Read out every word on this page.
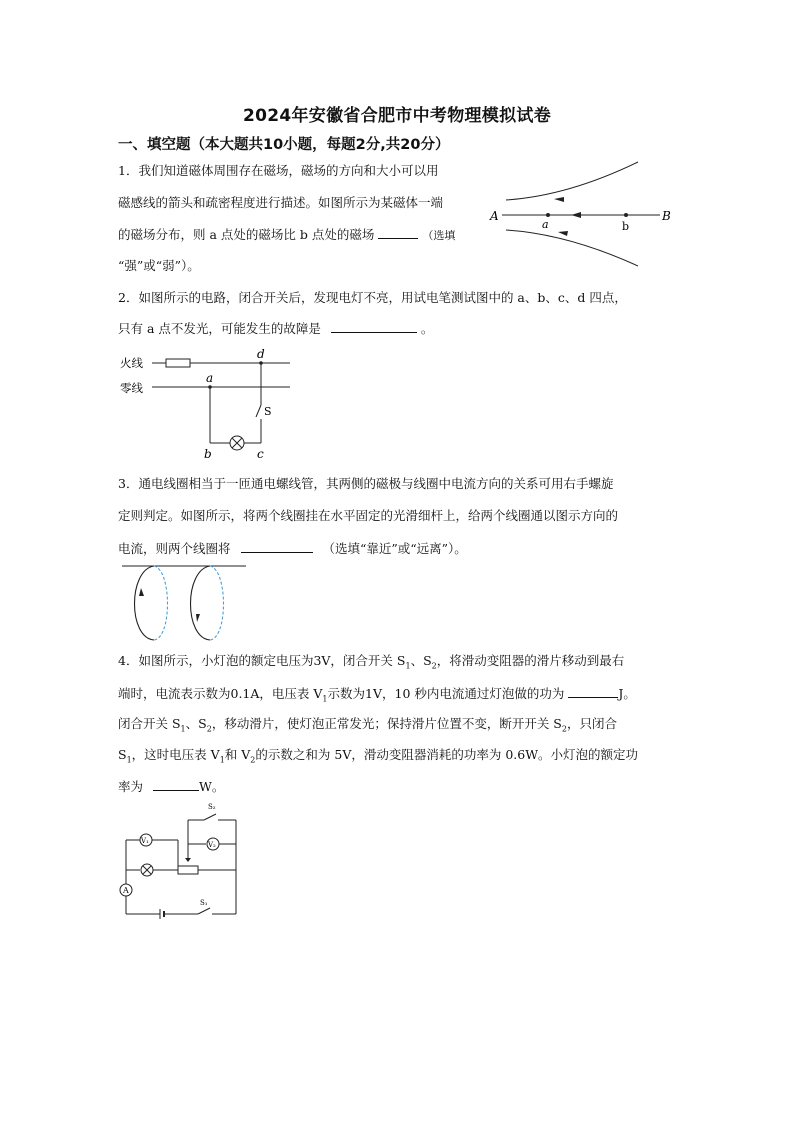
2024年安徽省合肥市中考物理模拟试卷
一、填空题（本大题共10小题，每题2分,共20分）
1．我们知道磁体周围存在磁场，磁场的方向和大小可以用
磁感线的箭头和疏密程度进行描述。如图所示为某磁体一端
的磁场分布，则 a 点处的磁场比 b 点处的磁场	（选填
“强”或“弱”）。
A	B
a	b
2．如图所示的电路，闭合开关后，发现电灯不亮，用试电笔测试图中的 a、b、c、d 四点，
只有 a 点不发光，可能发生的故障是	。
火线
零线
d
a
b	c
S
3．通电线圈相当于一匝通电螺线管，其两侧的磁极与线圈中电流方向的关系可用右手螺旋
定则判定。如图所示，将两个线圈挂在水平固定的光滑细杆上，给两个线圈通以图示方向的
电流，则两个线圈将	（选填“靠近”或“远离”）。
4．如图所示，小灯泡的额定电压为3V，闭合开关 $S_1$、$S_2$，将滑动变阻器的滑片移动到最右
端时，电流表示数为0.1A，电压表 $V_1$示数为1V，10 秒内电流通过灯泡做的功为	J。
闭合开关 $S_1$、$S_2$，移动滑片，使灯泡正常发光；保持滑片位置不变，断开开关 $S_2$，只闭合
$S_1$，这时电压表 $V_1$和 $V_2$的示数之和为 5V，滑动变阻器消耗的功率为 0.6W。小灯泡的额定功
率为	W。
A
V₁
S₂
V₂
S₁
